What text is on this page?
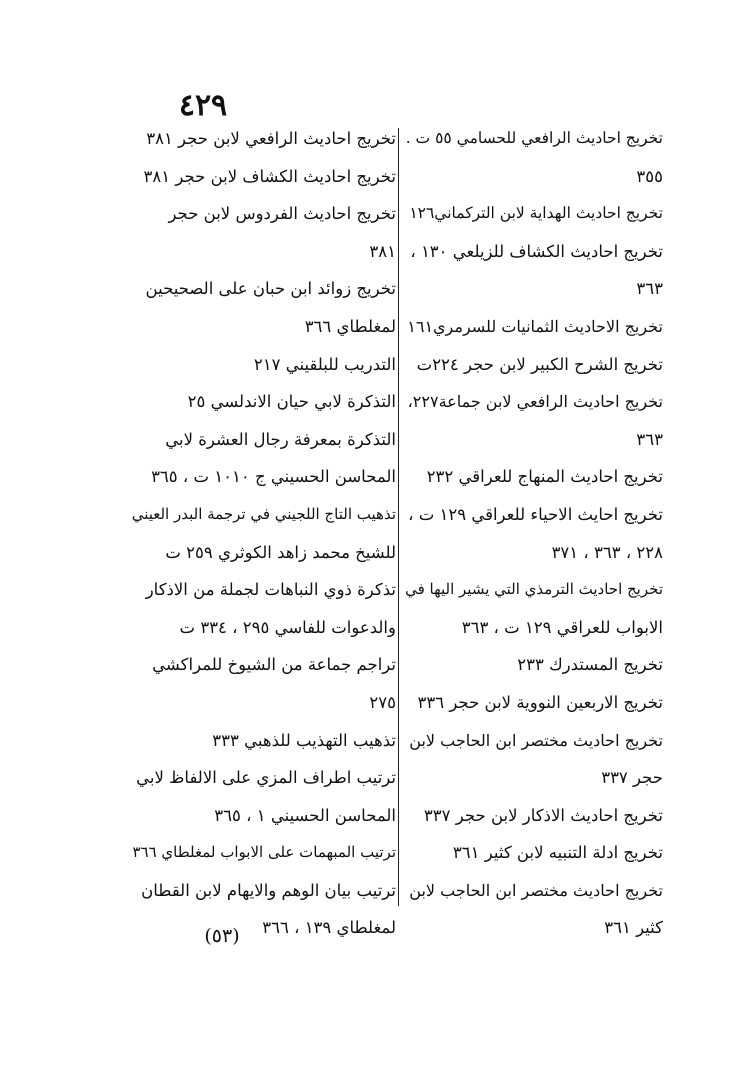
٤٢٩
تخريج احاديث الرافعي للحسامي ٥٥ ت .
٣٥٥
تخريج احاديث الهداية لابن التركماني١٢٦
تخريج احاديث الكشاف للزيلعي ١٣٠ ،
٣٦٣
تخريج الاحاديث الثمانيات للسرمري١٦١
تخريج الشرح الكبير لابن حجر ٢٢٤ت
تخريج احاديث الرافعي لابن جماعة٢٢٧،
٣٦٣
تخريج احاديث المنهاج للعراقي ٢٣٢
تخريج احايث الاحياء للعراقي ١٢٩ ت ،
٢٢٨ ، ٣٦٣ ، ٣٧١
تخريج احاديث الترمذي التي يشير اليها في
الابواب للعراقي ١٢٩ ت ، ٣٦٣
تخريج المستدرك ٢٣٣
تخريج الاربعين النووية لابن حجر ٣٣٦
تخريج احاديث مختصر ابن الحاجب لابن
حجر ٣٣٧
تخريج احاديث الاذكار لابن حجر ٣٣٧
تخريج ادلة التنبيه لابن كثير ٣٦١
تخريج احاديث مختصر ابن الحاجب لابن
كثير ٣٦١
تخريج احاديث الرافعي لابن حجر ٣٨١
تخريج احاديث الكشاف لابن حجر ٣٨١
تخريج احاديث الفردوس لابن حجر
٣٨١
تخريج زوائد ابن حبان على الصحيحين
لمغلطاي ٣٦٦
التدريب للبلقيني ٢١٧
التذكرة لابي حيان الاندلسي ٢٥
التذكرة بمعرفة رجال العشرة لابي
المحاسن الحسيني ج ١٠١٠ ت ، ٣٦٥
تذهيب التاج اللجيني في ترجمة البدر العيني
للشيخ محمد زاهد الكوثري ٢٥٩ ت
تذكرة ذوي النباهات لجملة من الاذكار
والدعوات للفاسي ٢٩٥ ، ٣٣٤ ت
تراجم جماعة من الشيوخ للمراكشي
٢٧٥
تذهيب التهذيب للذهبي ٣٣٣
ترتيب اطراف المزي على الالفاظ لابي
المحاسن الحسيني ١ ، ٣٦٥
ترتيب المبهمات على الابواب لمغلطاي ٣٦٦
ترتيب بيان الوهم والايهام لابن القطان
لمغلطاي ١٣٩ ، ٣٦٦
(٥٣)
